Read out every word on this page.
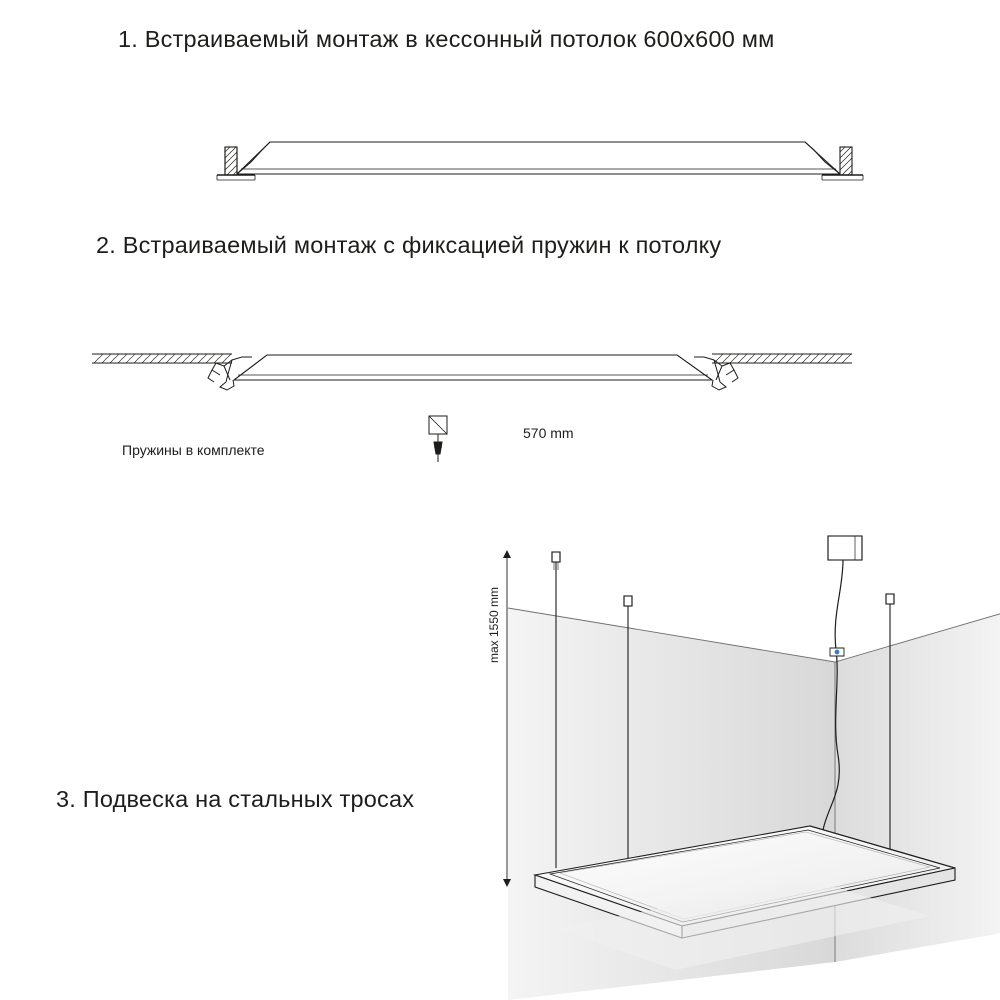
1. Встраиваемый монтаж в кессонный потолок 600x600 мм
2. Встраиваемый монтаж с фиксацией пружин к потолку
Пружины в комплекте
570 mm
3. Подвеска на стальных тросах
max 1550 mm
